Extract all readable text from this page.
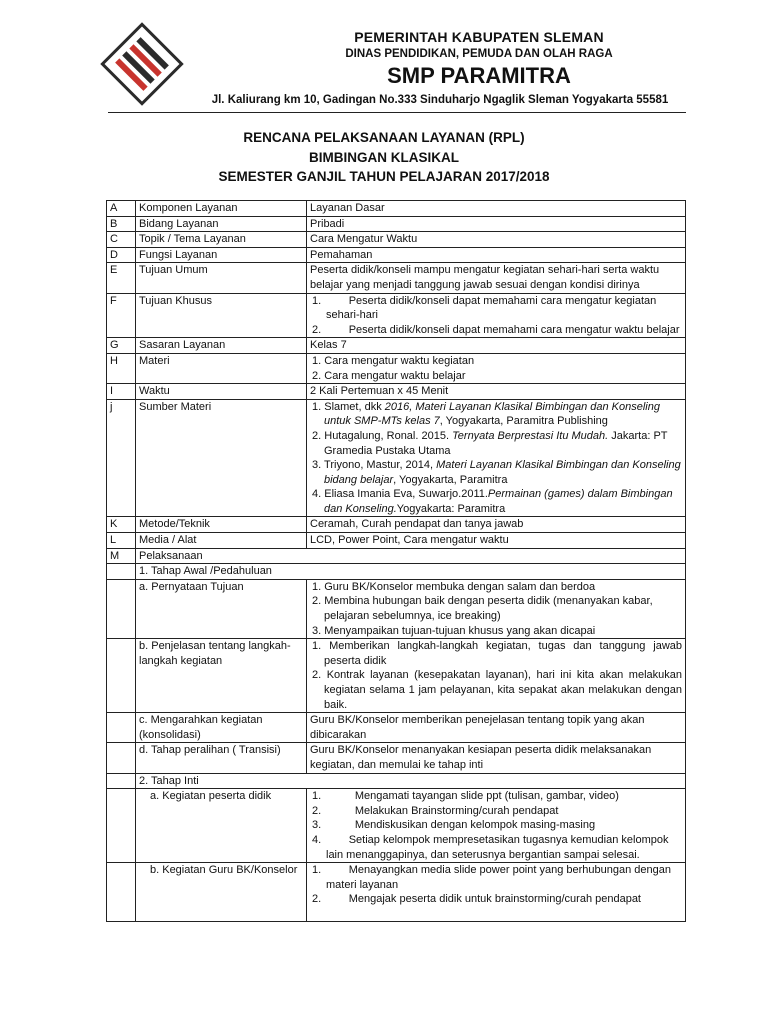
PEMERINTAH KABUPATEN SLEMAN
DINAS PENDIDIKAN, PEMUDA DAN OLAH RAGA
SMP PARAMITRA
Jl. Kaliurang km 10, Gadingan No.333 Sinduharjo Ngaglik Sleman Yogyakarta 55581
RENCANA PELAKSANAAN LAYANAN (RPL)
BIMBINGAN KLASIKAL
SEMESTER GANJIL TAHUN PELAJARAN 2017/2018
A	Komponen Layanan	Layanan Dasar
B	Bidang Layanan	Pribadi
C	Topik / Tema Layanan	Cara Mengatur Waktu
D	Fungsi Layanan	Pemahaman
E	Tujuan Umum	Peserta didik/konseli mampu mengatur kegiatan sehari-hari serta waktu belajar yang menjadi tanggung jawab sesuai dengan kondisi dirinya
F	Tujuan Khusus	1. Peserta didik/konseli dapat memahami cara mengatur kegiatan sehari-hari
2. Peserta didik/konseli dapat memahami cara mengatur waktu belajar

G	Sasaran Layanan	Kelas 7
H	Materi	1. Cara mengatur waktu kegiatan
2. Cara mengatur waktu belajar

I	Waktu	2 Kali Pertemuan x 45 Menit
j	Sumber Materi	1. Slamet, dkk 2016, Materi Layanan Klasikal Bimbingan dan Konseling untuk SMP-MTs kelas 7, Yogyakarta, Paramitra Publishing
2. Hutagalung, Ronal. 2015. Ternyata Berprestasi Itu Mudah. Jakarta: PT Gramedia Pustaka Utama
3. Triyono, Mastur, 2014, Materi Layanan Klasikal Bimbingan dan Konseling bidang belajar, Yogyakarta, Paramitra
4. Eliasa Imania Eva, Suwarjo.2011.Permainan (games) dalam Bimbingan dan Konseling.Yogyakarta: Paramitra

K	Metode/Teknik	Ceramah, Curah pendapat dan tanya jawab
L	Media / Alat	LCD, Power Point, Cara mengatur waktu
M	Pelaksanaan	
	1. Tahap Awal /Pedahuluan	
	a. Pernyataan Tujuan	1. Guru BK/Konselor membuka dengan salam dan berdoa
2. Membina hubungan baik dengan peserta didik (menanyakan kabar, pelajaran sebelumnya, ice breaking)
3. Menyampaikan tujuan-tujuan khusus yang akan dicapai

	b. Penjelasan tentang langkah-langkah kegiatan	1. Memberikan langkah-langkah kegiatan, tugas dan tanggung jawab peserta didik
2. Kontrak layanan (kesepakatan layanan), hari ini kita akan melakukan kegiatan selama 1 jam pelayanan, kita sepakat akan melakukan dengan baik.

	c. Mengarahkan kegiatan (konsolidasi)	Guru BK/Konselor memberikan penejelasan tentang topik yang akan dibicarakan
	d. Tahap peralihan ( Transisi)	Guru BK/Konselor menanyakan kesiapan peserta didik melaksanakan kegiatan, dan memulai ke tahap inti
	2. Tahap Inti	
	a. Kegiatan peserta didik	1. Mengamati tayangan slide ppt (tulisan, gambar, video)
2. Melakukan Brainstorming/curah pendapat
3. Mendiskusikan dengan kelompok masing-masing
4. Setiap kelompok mempresetasikan tugasnya kemudian kelompok lain menanggapinya, dan seterusnya bergantian sampai selesai.

	b. Kegiatan Guru BK/Konselor	1. Menayangkan media slide power point yang berhubungan dengan materi layanan
2. Mengajak peserta didik untuk brainstorming/curah pendapat
